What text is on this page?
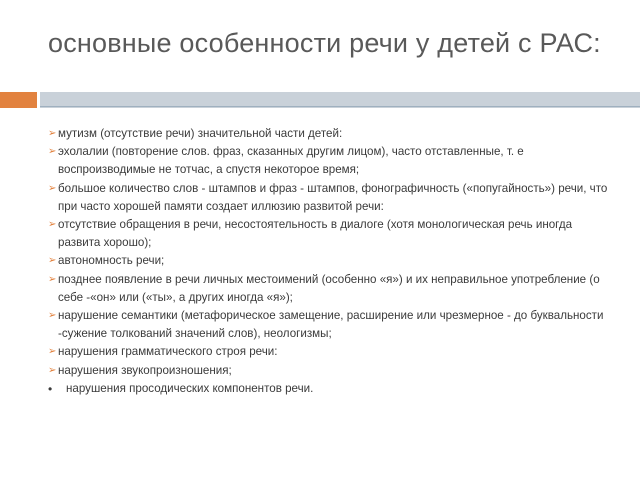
основные особенности речи у детей с РАС:

➢ мутизм (отсутствие речи) значительной части детей:

➢ эхолалии (повторение слов. фраз, сказанных другим лицом), часто отставленные, т. е воспроизводимые не тотчас, а спустя некоторое время;

➢ большое количество слов - штампов и фраз - штампов, фонографичность («попугайность») речи, что при часто хорошей памяти создает иллюзию развитой речи:

➢ отсутствие обращения в речи, несостоятельность в диалоге (хотя монологическая речь иногда развита хорошо);

➢ автономность речи;

➢ позднее появление в речи личных местоимений (особенно «я») и их неправильное употребление (о себе -«он» или («ты», а других иногда «я»);

➢ нарушение семантики (метафорическое замещение, расширение или чрезмерное - до буквальности -сужение толкований значений слов), неологизмы;

➢ нарушения грамматического строя речи:

➢ нарушения звукопроизношения;

•	нарушения просодических компонентов речи.
